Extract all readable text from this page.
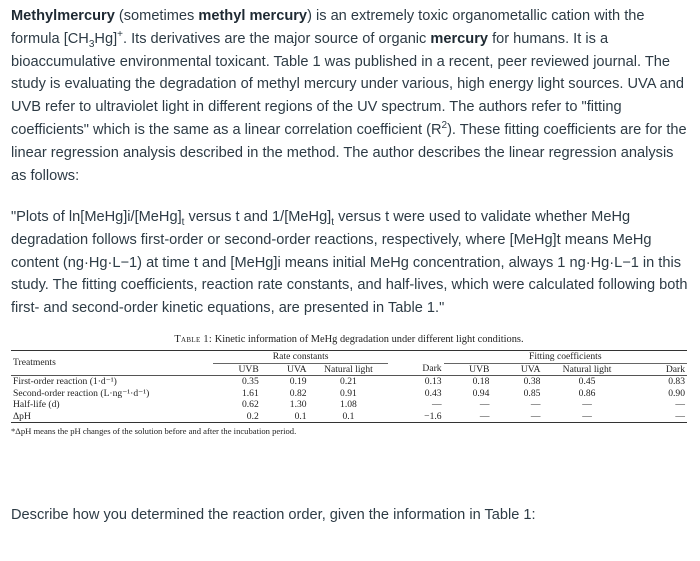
Methylmercury (sometimes methyl mercury) is an extremely toxic organometallic cation with the formula $[CH_3Hg]^+$. Its derivatives are the major source of organic mercury for humans. It is a bioaccumulative environmental toxicant. Table 1 was published in a recent, peer reviewed journal. The study is evaluating the degradation of methyl mercury under various, high energy light sources. UVA and UVB refer to ultraviolet light in different regions of the UV spectrum. The authors refer to "fitting coefficients" which is the same as a linear correlation coefficient $(R^2)$. These fitting coefficients are for the linear regression analysis described in the method. The author describes the linear regression analysis as follows:

"Plots of $\ln[MeHg]i/[MeHg]_t$ versus t and $1/[MeHg]_t$ versus t were used to validate whether MeHg degradation follows first-order or second-order reactions, respectively, where [MeHg]t means MeHg content (ng·Hg·L−1) at time t and [MeHg]i means initial MeHg concentration, always 1 ng·Hg·L−1 in this study. The fitting coefficients, reaction rate constants, and half-lives, which were calculated following both first- and second-order kinetic equations, are presented in Table 1."

Table 1: Kinetic information of MeHg degradation under different light conditions.
Treatments	Rate constants				Fitting coefficients			
	UVB	UVA	Natural light	Dark	UVB	UVA	Natural light	Dark
First-order reaction (1·d⁻¹)	0.35	0.19	0.21	0.13	0.18	0.38	0.45	0.83
Second-order reaction (L·ng⁻¹·d⁻¹)	1.61	0.82	0.91	0.43	0.94	0.85	0.86	0.90
Half-life (d)	0.62	1.30	1.08	—	—	—	—	—
ΔpH	0.2	0.1	0.1	−1.6	—	—	—	—
*ΔpH means the pH changes of the solution before and after the incubation period.

Describe how you determined the reaction order, given the information in Table 1:
